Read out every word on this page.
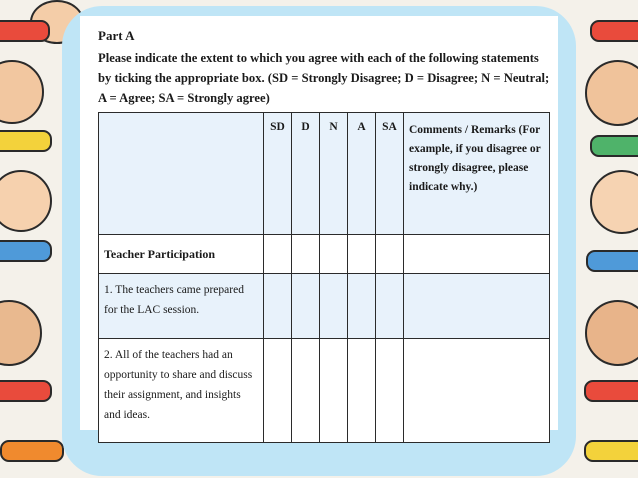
Part A

Please indicate the extent to which you agree with each of the following statements by ticking the appropriate box. (SD = Strongly Disagree; D = Disagree; N = Neutral; A = Agree; SA = Strongly agree)

	SD	D	N	A	SA	Comments / Remarks (For example, if you disagree or strongly disagree, please indicate why.)
Teacher Participation						
1. The teachers came prepared for the LAC session.						
2. All of the teachers had an opportunity to share and discuss their assignment, and insights and ideas.						
